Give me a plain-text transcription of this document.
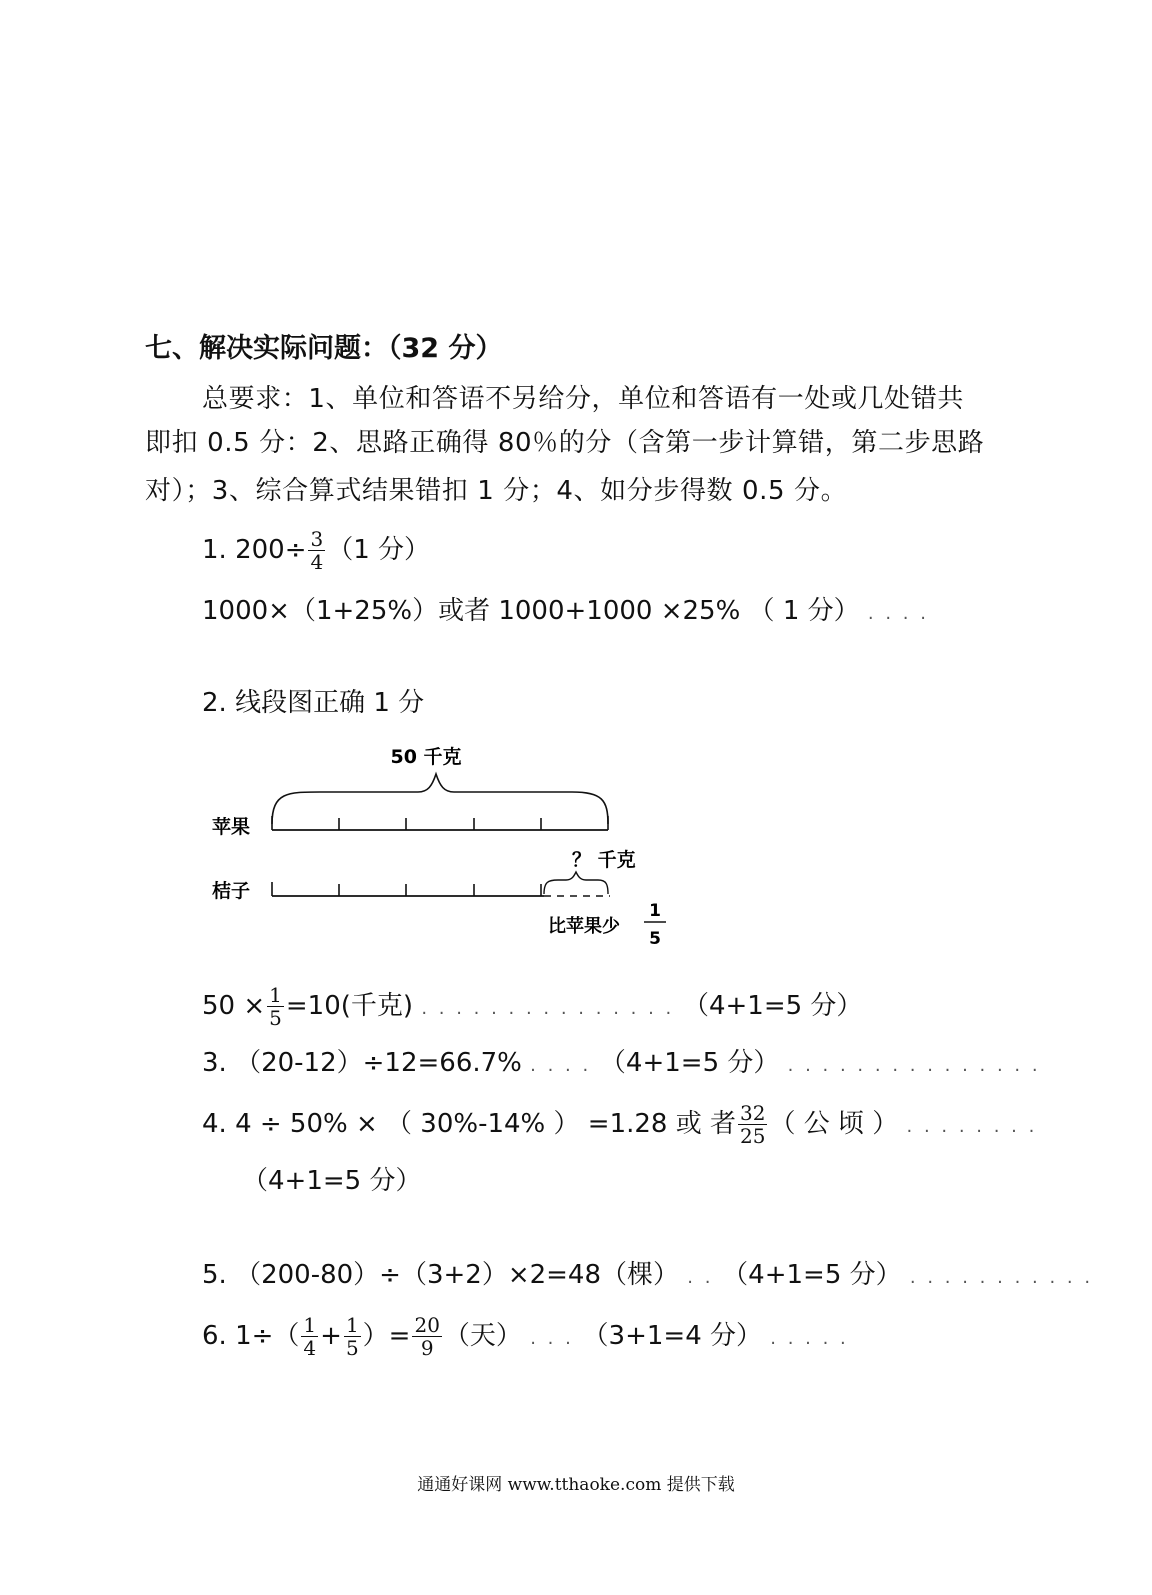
七、解决实际问题：（32 分）
总要求：1、单位和答语不另给分，单位和答语有一处或几处错共
即扣 0.5 分：2、思路正确得 80％的分（含第一步计算错，第二步思路
对）；3、综合算式结果错扣 1 分；4、如分步得数 0.5 分。
1. $200\div \frac{3}{4} (1$ 分）
1000×（1+25%）或者 1000+1000 ×25% （ 1 分） . . . .
2. 线段图正确 1 分
50 千克
苹果
？ 千克
桔子
比苹果少
1
5
$50 \times \frac{1}{5} =10$(千克) . . . . . . . . . . . . . . . （4+1=5 分）
3. （20-12）÷12=66.7% . . . . （4+1=5 分） . . . . . . . . . . . . . . .
4. 4 ÷ 50% × （ 30%-14% ） =1.28 或 者 $\frac{32}{25}$ （ 公 顷 ） . . . . . . . .
（4+1=5 分）
5. （200-80）÷（3+2）×2=48（棵） . . （4+1=5 分） . . . . . . . . . . .
6. $1\div( \frac{1}{4} + \frac{1}{5}$ ）= $\frac{20}{9}$ （天） . . . （3+1=4 分） . . . . .
通通好课网 www.tthaoke.com 提供下载
